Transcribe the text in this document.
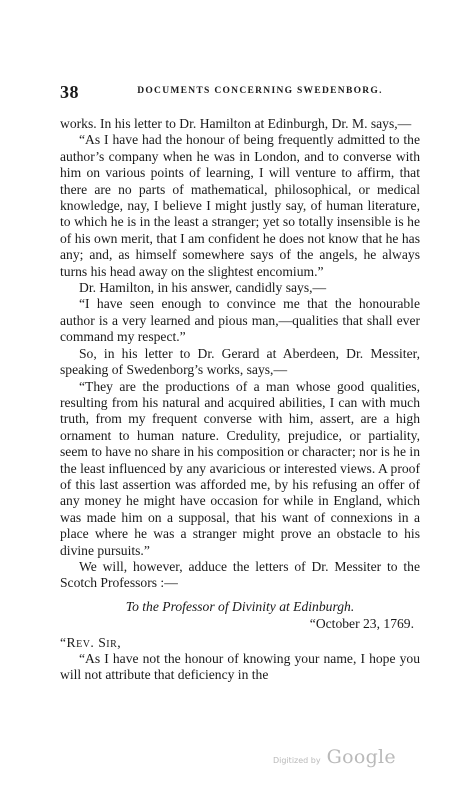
38	DOCUMENTS CONCERNING SWEDENBORG.

works. In his letter to Dr. Hamilton at Edinburgh, Dr. M. says,—

“As I have had the honour of being frequently admitted to the author’s company when he was in London, and to converse with him on various points of learning, I will venture to affirm, that there are no parts of mathematical, philosophical, or medical knowledge, nay, I believe I might justly say, of human literature, to which he is in the least a stranger; yet so totally insensible is he of his own merit, that I am confident he does not know that he has any; and, as himself somewhere says of the angels, he always turns his head away on the slightest encomium.”

Dr. Hamilton, in his answer, candidly says,—

“I have seen enough to convince me that the honourable author is a very learned and pious man,—qualities that shall ever command my respect.”

So, in his letter to Dr. Gerard at Aberdeen, Dr. Messiter, speaking of Swedenborg’s works, says,—

“They are the productions of a man whose good qualities, resulting from his natural and acquired abilities, I can with much truth, from my frequent converse with him, assert, are a high ornament to human nature. Credulity, prejudice, or partiality, seem to have no share in his composition or character; nor is he in the least influenced by any avaricious or interested views. A proof of this last assertion was afforded me, by his refusing an offer of any money he might have occasion for while in England, which was made him on a supposal, that his want of connexions in a place where he was a stranger might prove an obstacle to his divine pursuits.”

We will, however, adduce the letters of Dr. Messiter to the Scotch Professors :—

To the Professor of Divinity at Edinburgh.

“October 23, 1769.

“Rev. Sir,

“As I have not the honour of knowing your name, I hope you will not attribute that deficiency in the

Digitized by Google
